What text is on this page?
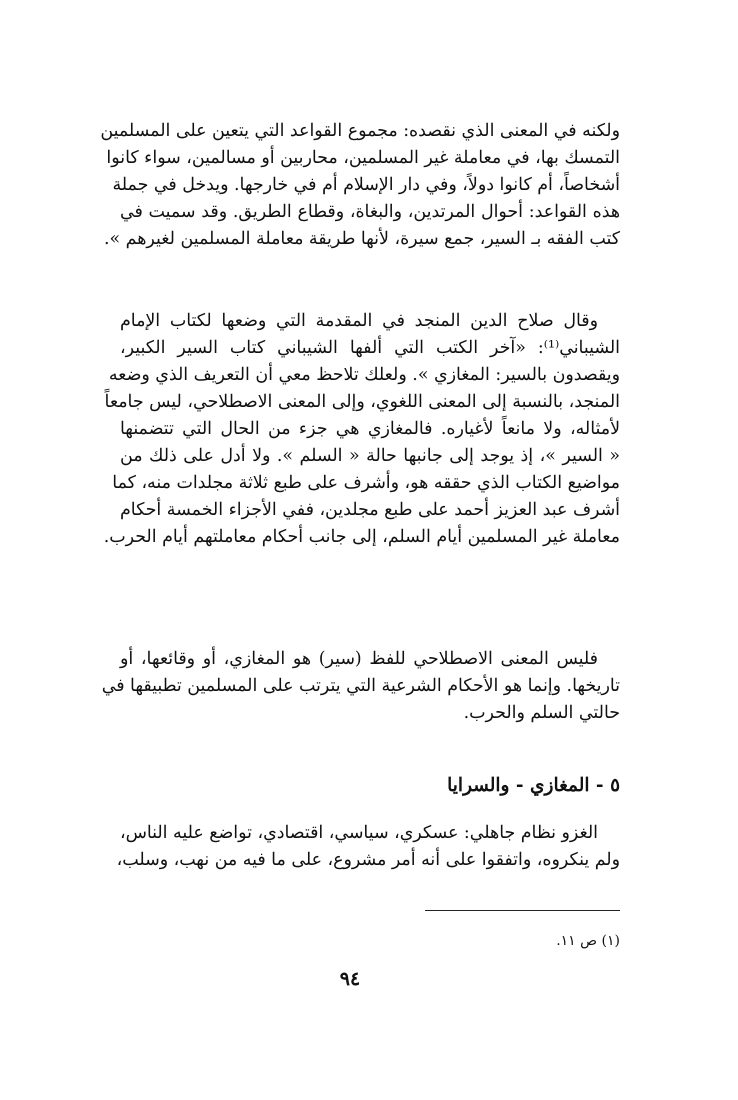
ولكنه في المعنى الذي نقصده: مجموع القواعد التي يتعين على المسلمين
التمسك بها، في معاملة غير المسلمين، محاربين أو مسالمين، سواء كانوا
أشخاصاً، أم كانوا دولاً، وفي دار الإسلام أم في خارجها. ويدخل في جملة
هذه القواعد: أحوال المرتدين، والبغاة، وقطاع الطريق. وقد سميت في
كتب الفقه بـ السير، جمع سيرة، لأنها طريقة معاملة المسلمين لغيرهم ».
وقال صلاح الدين المنجد في المقدمة التي وضعها لكتاب الإمام
الشيباني⁽¹⁾: «آخر الكتب التي ألفها الشيباني كتاب السير الكبير،
ويقصدون بالسير: المغازي ». ولعلك تلاحظ معي أن التعريف الذي وضعه
المنجد، بالنسبة إلى المعنى اللغوي، وإلى المعنى الاصطلاحي، ليس جامعاً
لأمثاله، ولا مانعاً لأغياره. فالمغازي هي جزء من الحال التي تتضمنها
« السير »، إذ يوجد إلى جانبها حالة « السلم ». ولا أدل على ذلك من
مواضيع الكتاب الذي حققه هو، وأشرف على طبع ثلاثة مجلدات منه، كما
أشرف عبد العزيز أحمد على طبع مجلدين، ففي الأجزاء الخمسة أحكام
معاملة غير المسلمين أيام السلم، إلى جانب أحكام معاملتهم أيام الحرب.
فليس المعنى الاصطلاحي للفظ (سير) هو المغازي، أو وقائعها، أو
تاريخها. وإنما هو الأحكام الشرعية التي يترتب على المسلمين تطبيقها في
حالتي السلم والحرب.
٥ - المغازي - والسرايا
الغزو نظام جاهلي: عسكري، سياسي، اقتصادي، تواضع عليه الناس،
ولم ينكروه، واتفقوا على أنه أمر مشروع، على ما فيه من نهب، وسلب،
(١) ص ١١.
٩٤
